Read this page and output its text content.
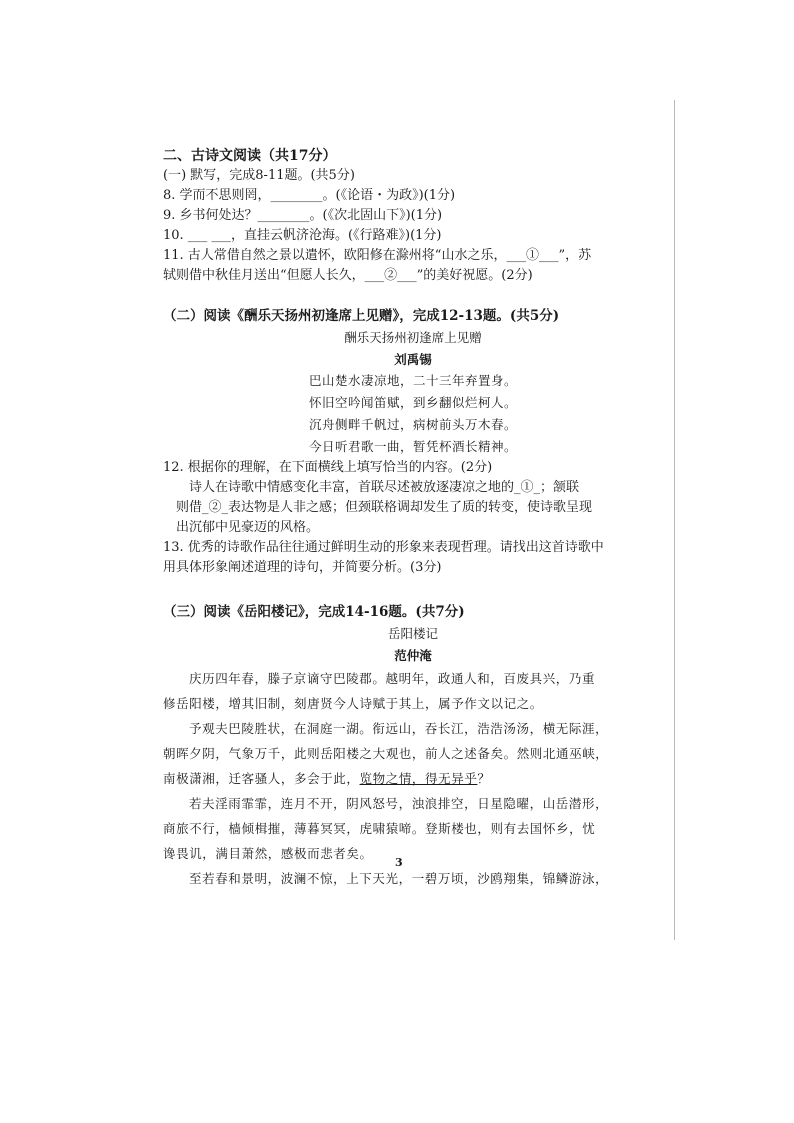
二、古诗文阅读（共17分）
(一) 默写，完成8-11题。(共5分)
8. 学而不思则罔，________。(《论语・为政》)(1分)
9. 乡书何处达？________。(《次北固山下》)(1分)
10. ___ ___，直挂云帆济沧海。(《行路难》)(1分)
11. 古人常借自然之景以遣怀，欧阳修在滁州将“山水之乐，___①___”，苏
轼则借中秋佳月送出“但愿人长久，___②___”的美好祝愿。(2分)
（二）阅读《酬乐天扬州初逢席上见赠》，完成12-13题。(共5分)
酬乐天扬州初逢席上见赠
刘禹锡
巴山楚水凄凉地，二十三年弃置身。
怀旧空吟闻笛赋，到乡翻似烂柯人。
沉舟侧畔千帆过，病树前头万木春。
今日听君歌一曲，暂凭杯酒长精神。
12. 根据你的理解，在下面横线上填写恰当的内容。(2分)
诗人在诗歌中情感变化丰富，首联尽述被放逐凄凉之地的_①_；颔联
则借_②_表达物是人非之感；但颈联格调却发生了质的转变，使诗歌呈现
出沉郁中见豪迈的风格。
13. 优秀的诗歌作品往往通过鲜明生动的形象来表现哲理。请找出这首诗歌中
用具体形象阐述道理的诗句，并简要分析。(3分)
（三）阅读《岳阳楼记》，完成14-16题。(共7分)
岳阳楼记
范仲淹
庆历四年春，滕子京谪守巴陵郡。越明年，政通人和，百废具兴，乃重
修岳阳楼，增其旧制，刻唐贤今人诗赋于其上，属予作文以记之。
予观夫巴陵胜状，在洞庭一湖。衔远山，吞长江，浩浩汤汤，横无际涯，
朝晖夕阴，气象万千，此则岳阳楼之大观也，前人之述备矣。然则北通巫峡，
南极潇湘，迁客骚人，多会于此，览物之情，得无异乎？
若夫淫雨霏霏，连月不开，阴风怒号，浊浪排空，日星隐曜，山岳潜形，
商旅不行，樯倾楫摧，薄暮冥冥，虎啸猿啼。登斯楼也，则有去国怀乡，忧
谗畏讥，满目萧然，感极而悲者矣。
至若春和景明，波澜不惊，上下天光，一碧万顷，沙鸥翔集，锦鳞游泳，
3
